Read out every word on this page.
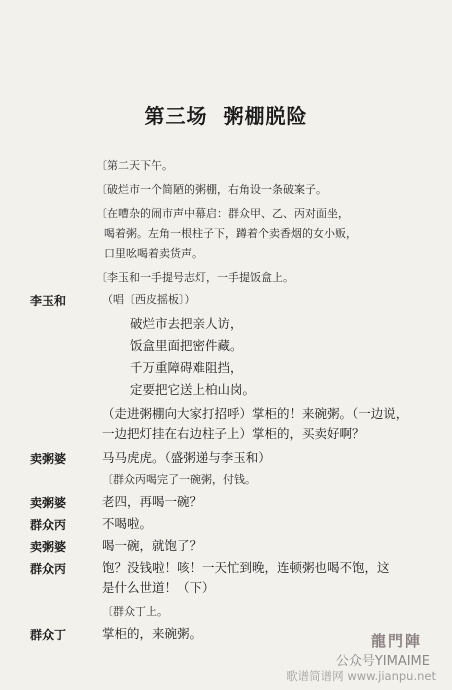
第三场 粥棚脱险
〔第二天下午。
〔破烂市一个简陋的粥棚，右角设一条破案子。
〔在嘈杂的闹市声中幕启：群众甲、乙、丙对面坐，
喝着粥。左角一根柱子下，蹲着个卖香烟的女小贩，
口里吆喝着卖货声。
〔李玉和一手提号志灯，一手提饭盒上。
李玉和	（唱〔西皮摇板〕）
破烂市去把亲人访，
饭盒里面把密件藏。
千万重障碍难阻挡，
定要把它送上柏山岗。
（走进粥棚向大家打招呼）掌柜的！来碗粥。（一边说，
一边把灯挂在右边柱子上）掌柜的，买卖好啊？
卖粥婆	马马虎虎。（盛粥递与李玉和）
〔群众丙喝完了一碗粥，付钱。
卖粥婆	老四，再喝一碗？
群众丙	不喝啦。
卖粥婆	喝一碗，就饱了？
群众丙	饱？没钱啦！咳！一天忙到晚，连顿粥也喝不饱，这
是什么世道！（下）
〔群众丁上。
群众丁	掌柜的，来碗粥。	龍門陣
公众号YIMAIME
歌谱简谱网 www.jianpu.net
